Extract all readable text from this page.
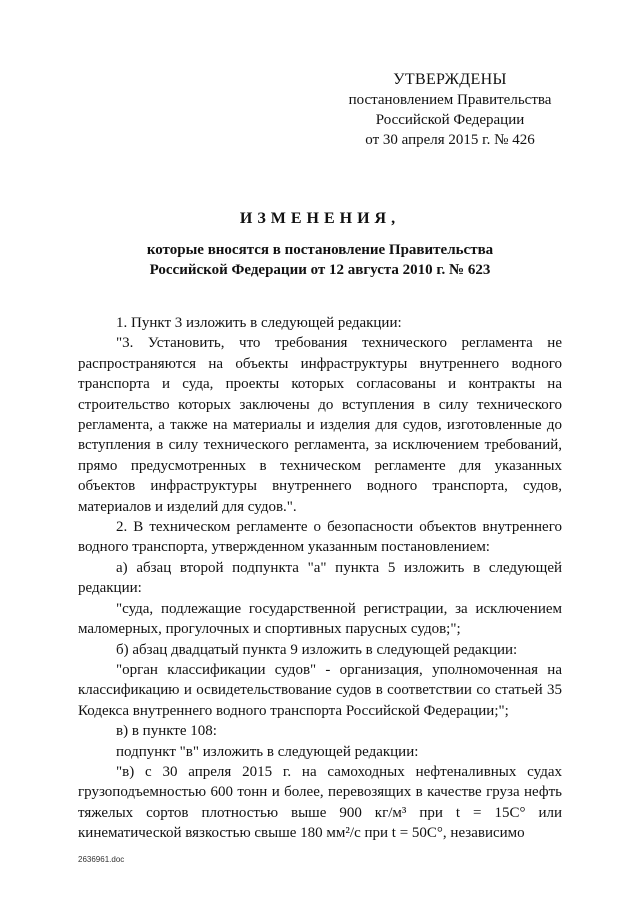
УТВЕРЖДЕНЫ
постановлением Правительства
Российской Федерации
от 30 апреля 2015 г. № 426
ИЗМЕНЕНИЯ,
которые вносятся в постановление Правительства
Российской Федерации от 12 августа 2010 г. № 623

1. Пункт 3 изложить в следующей редакции:

"3. Установить, что требования технического регламента не распространяются на объекты инфраструктуры внутреннего водного транспорта и суда, проекты которых согласованы и контракты на строительство которых заключены до вступления в силу технического регламента, а также на материалы и изделия для судов, изготовленные до вступления в силу технического регламента, за исключением требований, прямо предусмотренных в техническом регламенте для указанных объектов инфраструктуры внутреннего водного транспорта, судов, материалов и изделий для судов.".

2. В техническом регламенте о безопасности объектов внутреннего водного транспорта, утвержденном указанным постановлением:

а) абзац второй подпункта "а" пункта 5 изложить в следующей редакции:

"суда, подлежащие государственной регистрации, за исключением маломерных, прогулочных и спортивных парусных судов;";

б) абзац двадцатый пункта 9 изложить в следующей редакции:

"орган классификации судов" - организация, уполномоченная на классификацию и освидетельствование судов в соответствии со статьей 35 Кодекса внутреннего водного транспорта Российской Федерации;";

в) в пункте 108:

подпункт "в" изложить в следующей редакции:

"в) с 30 апреля 2015 г. на самоходных нефтеналивных судах грузоподъемностью 600 тонн и более, перевозящих в качестве груза нефть тяжелых сортов плотностью выше 900 кг/м³ при t = 15С° или кинематической вязкостью свыше 180 мм²/с при t = 50С°, независимо

2636961.doc
